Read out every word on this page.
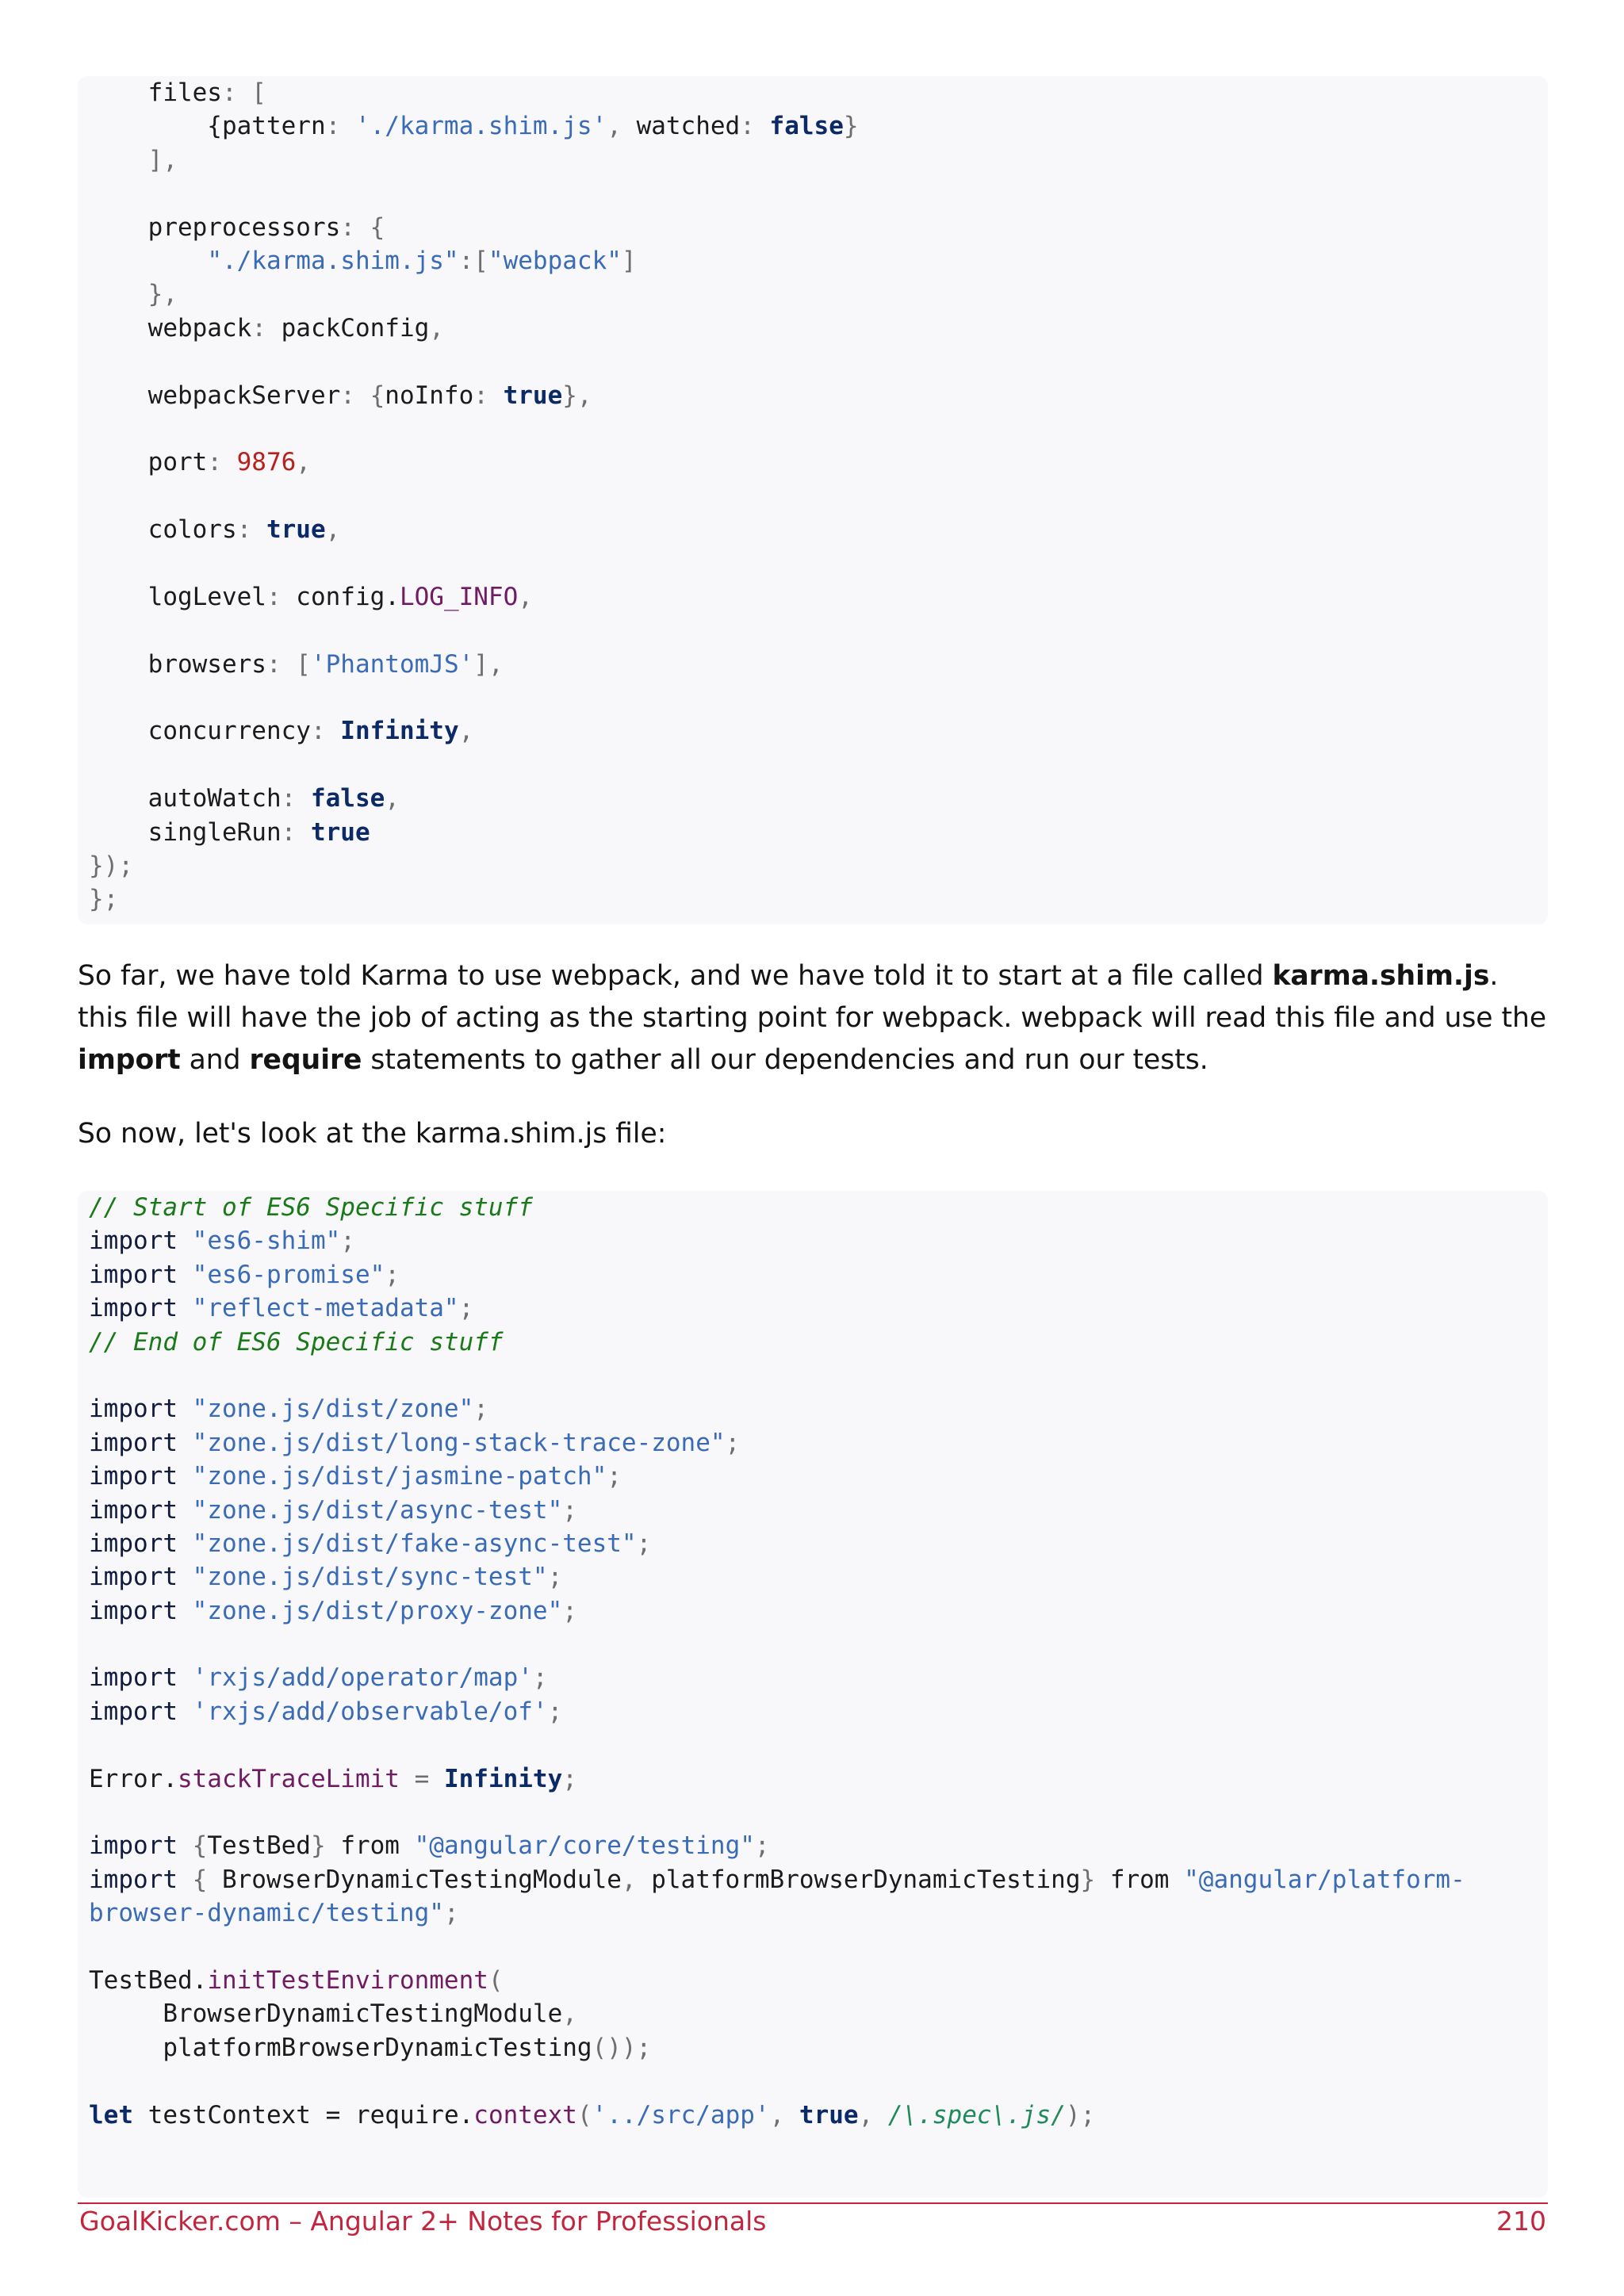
files: [
{pattern: './karma.shim.js', watched: false}
],

preprocessors: {
"./karma.shim.js":["webpack"]
},
webpack: packConfig,

webpackServer: {noInfo: true},

port: 9876,

colors: true,

logLevel: config.LOG_INFO,

browsers: ['PhantomJS'],

concurrency: Infinity,

autoWatch: false,
singleRun: true
});
};
So far, we have told Karma to use webpack, and we have told it to start at a file called karma.shim.js. this file will have the job of acting as the starting point for webpack. webpack will read this file and use the import and require statements to gather all our dependencies and run our tests.
So now, let's look at the karma.shim.js file:
// Start of ES6 Specific stuff
import "es6-shim";
import "es6-promise";
import "reflect-metadata";
// End of ES6 Specific stuff

import "zone.js/dist/zone";
import "zone.js/dist/long-stack-trace-zone";
import "zone.js/dist/jasmine-patch";
import "zone.js/dist/async-test";
import "zone.js/dist/fake-async-test";
import "zone.js/dist/sync-test";
import "zone.js/dist/proxy-zone";

import 'rxjs/add/operator/map';
import 'rxjs/add/observable/of';

Error.stackTraceLimit = Infinity;

import {TestBed} from "@angular/core/testing";
import { BrowserDynamicTestingModule, platformBrowserDynamicTesting} from "@angular/platform-
browser-dynamic/testing";

TestBed.initTestEnvironment(
BrowserDynamicTestingModule,
platformBrowserDynamicTesting());

let testContext = require.context('../src/app', true, /\.spec\.js/);
GoalKicker.com – Angular 2+ Notes for Professionals	210
